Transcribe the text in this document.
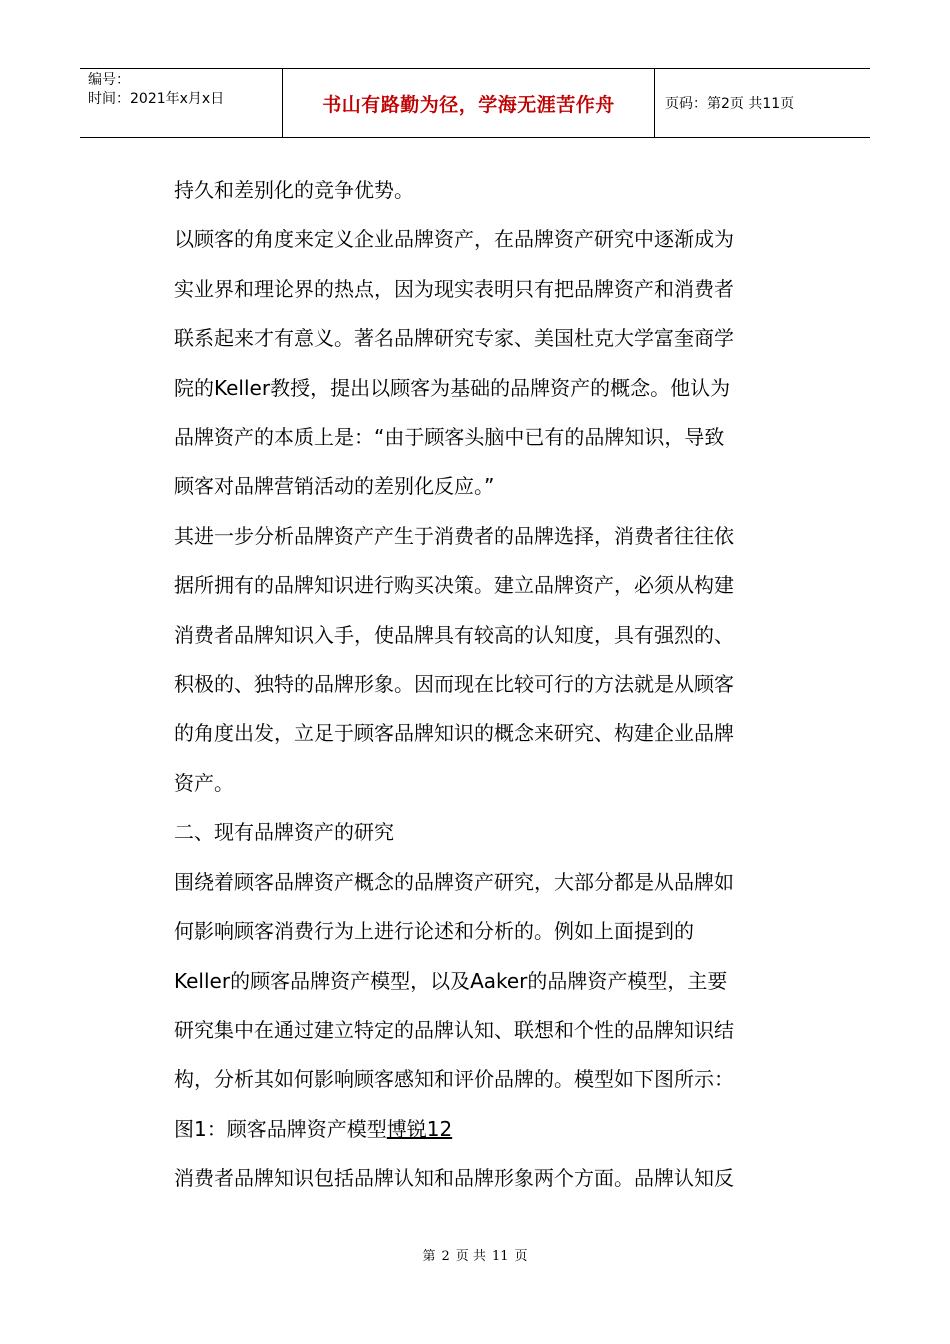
编号：
时间：2021年x月x日	书山有路勤为径，学海无涯苦作舟	页码：第2页 共11页

持久和差别化的竞争优势。

以顾客的角度来定义企业品牌资产，在品牌资产研究中逐渐成为

实业界和理论界的热点，因为现实表明只有把品牌资产和消费者

联系起来才有意义。著名品牌研究专家、美国杜克大学富奎商学

院的Keller教授，提出以顾客为基础的品牌资产的概念。他认为

品牌资产的本质上是：“由于顾客头脑中已有的品牌知识，导致

顾客对品牌营销活动的差别化反应。”

其进一步分析品牌资产产生于消费者的品牌选择，消费者往往依

据所拥有的品牌知识进行购买决策。建立品牌资产，必须从构建

消费者品牌知识入手，使品牌具有较高的认知度，具有强烈的、

积极的、独特的品牌形象。因而现在比较可行的方法就是从顾客

的角度出发，立足于顾客品牌知识的概念来研究、构建企业品牌

资产。

二、现有品牌资产的研究

围绕着顾客品牌资产概念的品牌资产研究，大部分都是从品牌如

何影响顾客消费行为上进行论述和分析的。例如上面提到的

Keller的顾客品牌资产模型，以及Aaker的品牌资产模型，主要

研究集中在通过建立特定的品牌认知、联想和个性的品牌知识结

构，分析其如何影响顾客感知和评价品牌的。模型如下图所示：

图1：顾客品牌资产模型博锐12

消费者品牌知识包括品牌认知和品牌形象两个方面。品牌认知反

第 2 页 共 11 页
